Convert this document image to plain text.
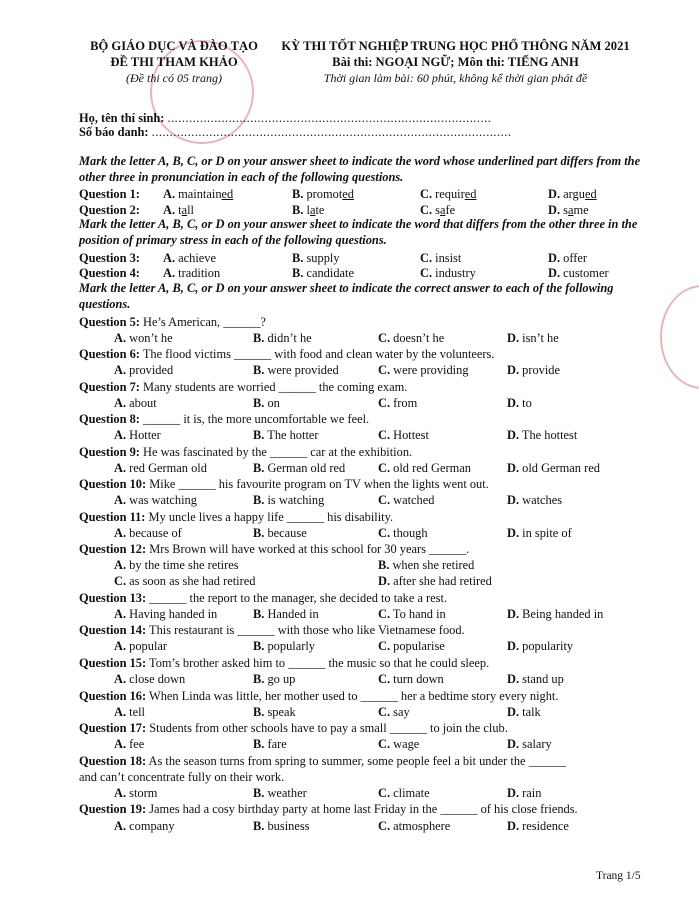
BỘ GIÁO DỤC VÀ ĐÀO TẠO
ĐỀ THI THAM KHẢO
(Đề thi có 05 trang)
KỲ THI TỐT NGHIỆP TRUNG HỌC PHỔ THÔNG NĂM 2021
Bài thi: NGOẠI NGỮ; Môn thi: TIẾNG ANH
Thời gian làm bài: 60 phút, không kể thời gian phát đề
Họ, tên thí sinh: ..........................................................................................
Số báo danh: ....................................................................................................
Mark the letter A, B, C, or D on your answer sheet to indicate the word whose underlined part differs from the other three in pronunciation in each of the following questions.
Question 1: A. maintained	B. promoted	C. required	D. argued
Question 2: A. tall	B. late	C. safe	D. same
Mark the letter A, B, C, or D on your answer sheet to indicate the word that differs from the other three in the position of primary stress in each of the following questions.
Question 3: A. achieve	B. supply	C. insist	D. offer
Question 4: A. tradition	B. candidate	C. industry	D. customer
Mark the letter A, B, C, or D on your answer sheet to indicate the correct answer to each of the following questions.
Question 5: He’s American, ______?
A. won’t he	B. didn’t he	C. doesn’t he	D. isn’t he
Question 6: The flood victims ______ with food and clean water by the volunteers.
A. provided	B. were provided	C. were providing	D. provide
Question 7: Many students are worried ______ the coming exam.
A. about	B. on	C. from	D. to
Question 8: ______ it is, the more uncomfortable we feel.
A. Hotter	B. The hotter	C. Hottest	D. The hottest
Question 9: He was fascinated by the ______ car at the exhibition.
A. red German old	B. German old red	C. old red German	D. old German red
Question 10: Mike ______ his favourite program on TV when the lights went out.
A. was watching	B. is watching	C. watched	D. watches
Question 11: My uncle lives a happy life ______ his disability.
A. because of	B. because	C. though	D. in spite of
Question 12: Mrs Brown will have worked at this school for 30 years ______.
A. by the time she retires	B. when she retired
C. as soon as she had retired	D. after she had retired
Question 13: ______ the report to the manager, she decided to take a rest.
A. Having handed in	B. Handed in	C. To hand in	D. Being handed in
Question 14: This restaurant is ______ with those who like Vietnamese food.
A. popular	B. popularly	C. popularise	D. popularity
Question 15: Tom’s brother asked him to ______ the music so that he could sleep.
A. close down	B. go up	C. turn down	D. stand up
Question 16: When Linda was little, her mother used to ______ her a bedtime story every night.
A. tell	B. speak	C. say	D. talk
Question 17: Students from other schools have to pay a small ______ to join the club.
A. fee	B. fare	C. wage	D. salary
Question 18: As the season turns from spring to summer, some people feel a bit under the ______
and can’t concentrate fully on their work.
A. storm	B. weather	C. climate	D. rain
Question 19: James had a cosy birthday party at home last Friday in the ______ of his close friends.
A. company	B. business	C. atmosphere	D. residence
Trang 1/5
